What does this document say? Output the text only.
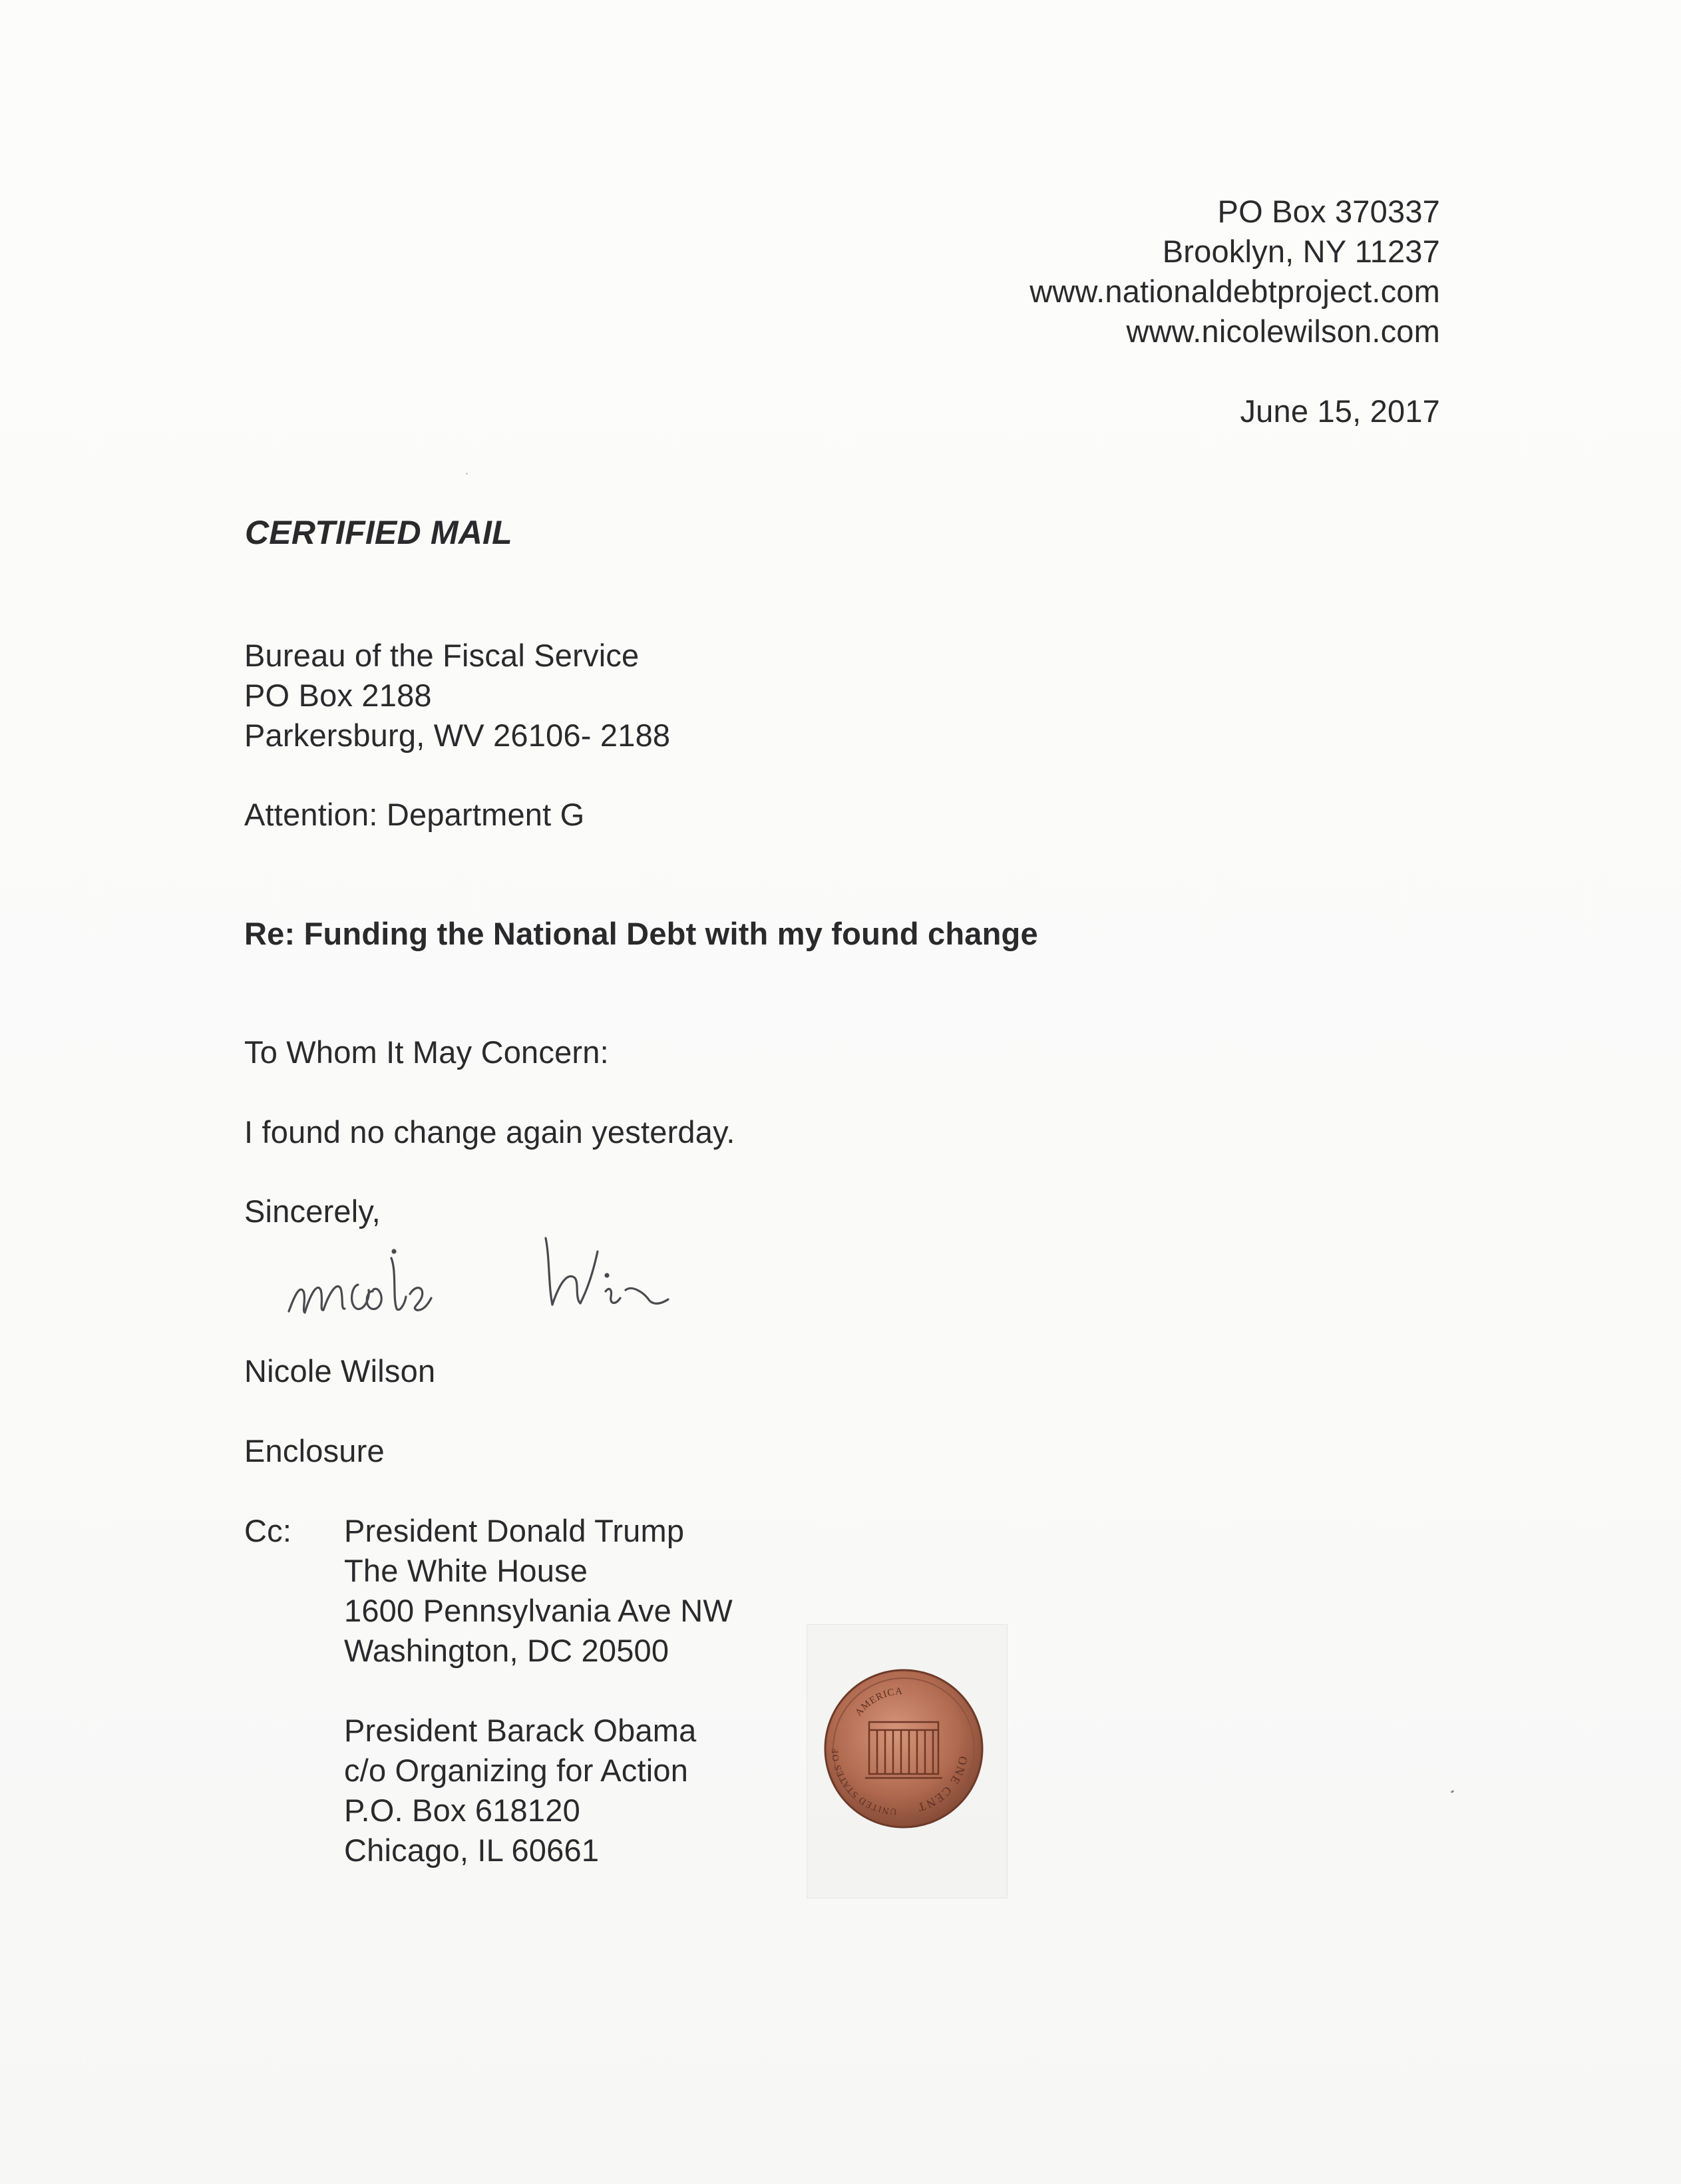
PO Box 370337
Brooklyn, NY 11237
www.nationaldebtproject.com
www.nicolewilson.com
June 15, 2017
CERTIFIED MAIL
Bureau of the Fiscal Service
PO Box 2188
Parkersburg, WV 26106- 2188
Attention: Department G
Re: Funding the National Debt with my found change
To Whom It May Concern:
I found no change again yesterday.
Sincerely,
Nicole Wilson
Enclosure
Cc: President Donald Trump
The White House
1600 Pennsylvania Ave NW
Washington, DC 20500
President Barack Obama
c/o Organizing for Action
P.O. Box 618120
Chicago, IL 60661
AMERICA
UNITED STATES OF
ONE CENT
